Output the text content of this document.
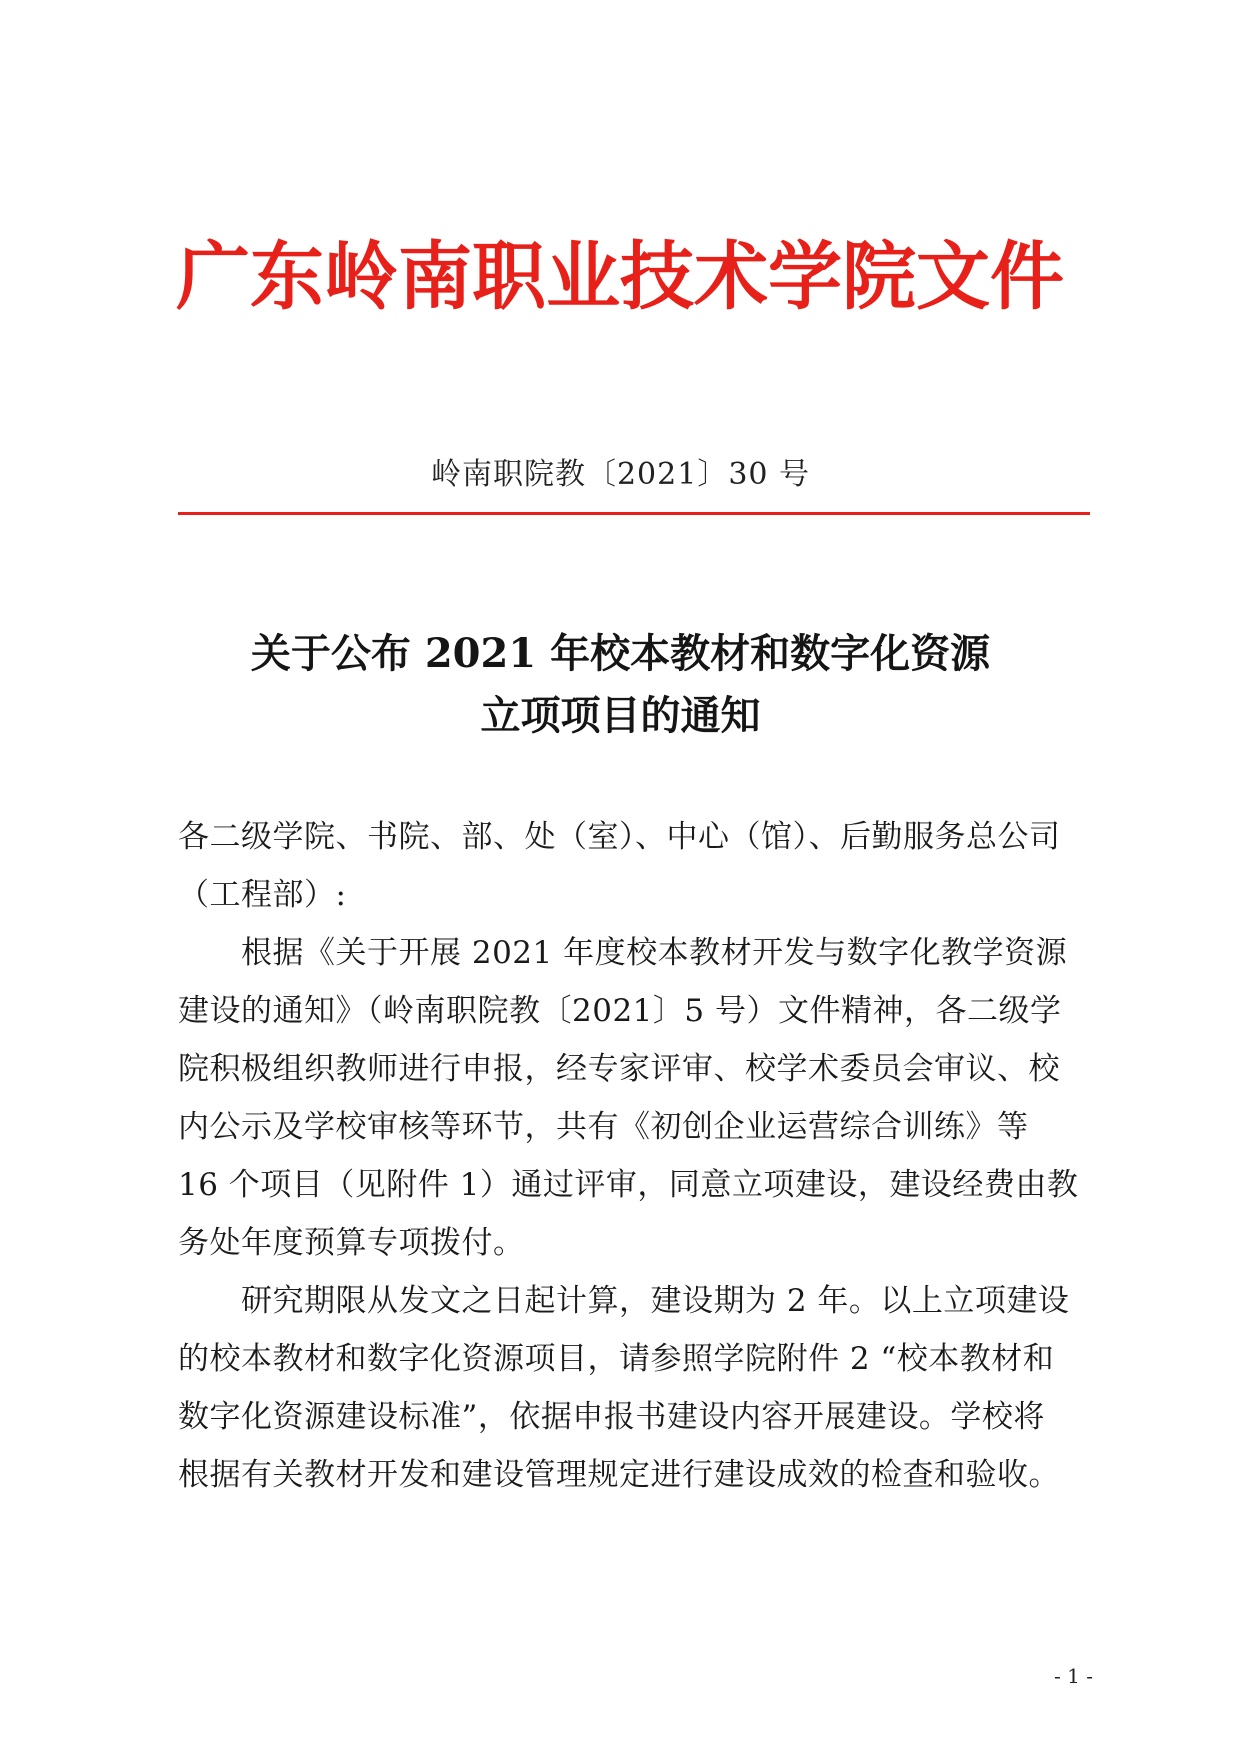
广东岭南职业技术学院文件
岭南职院教〔2021〕30 号
关于公布 2021 年校本教材和数字化资源
立项项目的通知
各二级学院、书院、部、处（室）、中心（馆）、后勤服务总公司
（工程部）:
　　根据《关于开展 2021 年度校本教材开发与数字化教学资源
建设的通知》（岭南职院教〔2021〕5 号）文件精神，各二级学
院积极组织教师进行申报，经专家评审、校学术委员会审议、校
内公示及学校审核等环节，共有《初创企业运营综合训练》等
16 个项目（见附件 1）通过评审，同意立项建设，建设经费由教
务处年度预算专项拨付。
　　研究期限从发文之日起计算，建设期为 2 年。以上立项建设
的校本教材和数字化资源项目，请参照学院附件 2 “校本教材和
数字化资源建设标准”，依据申报书建设内容开展建设。学校将
根据有关教材开发和建设管理规定进行建设成效的检查和验收。
- 1 -
